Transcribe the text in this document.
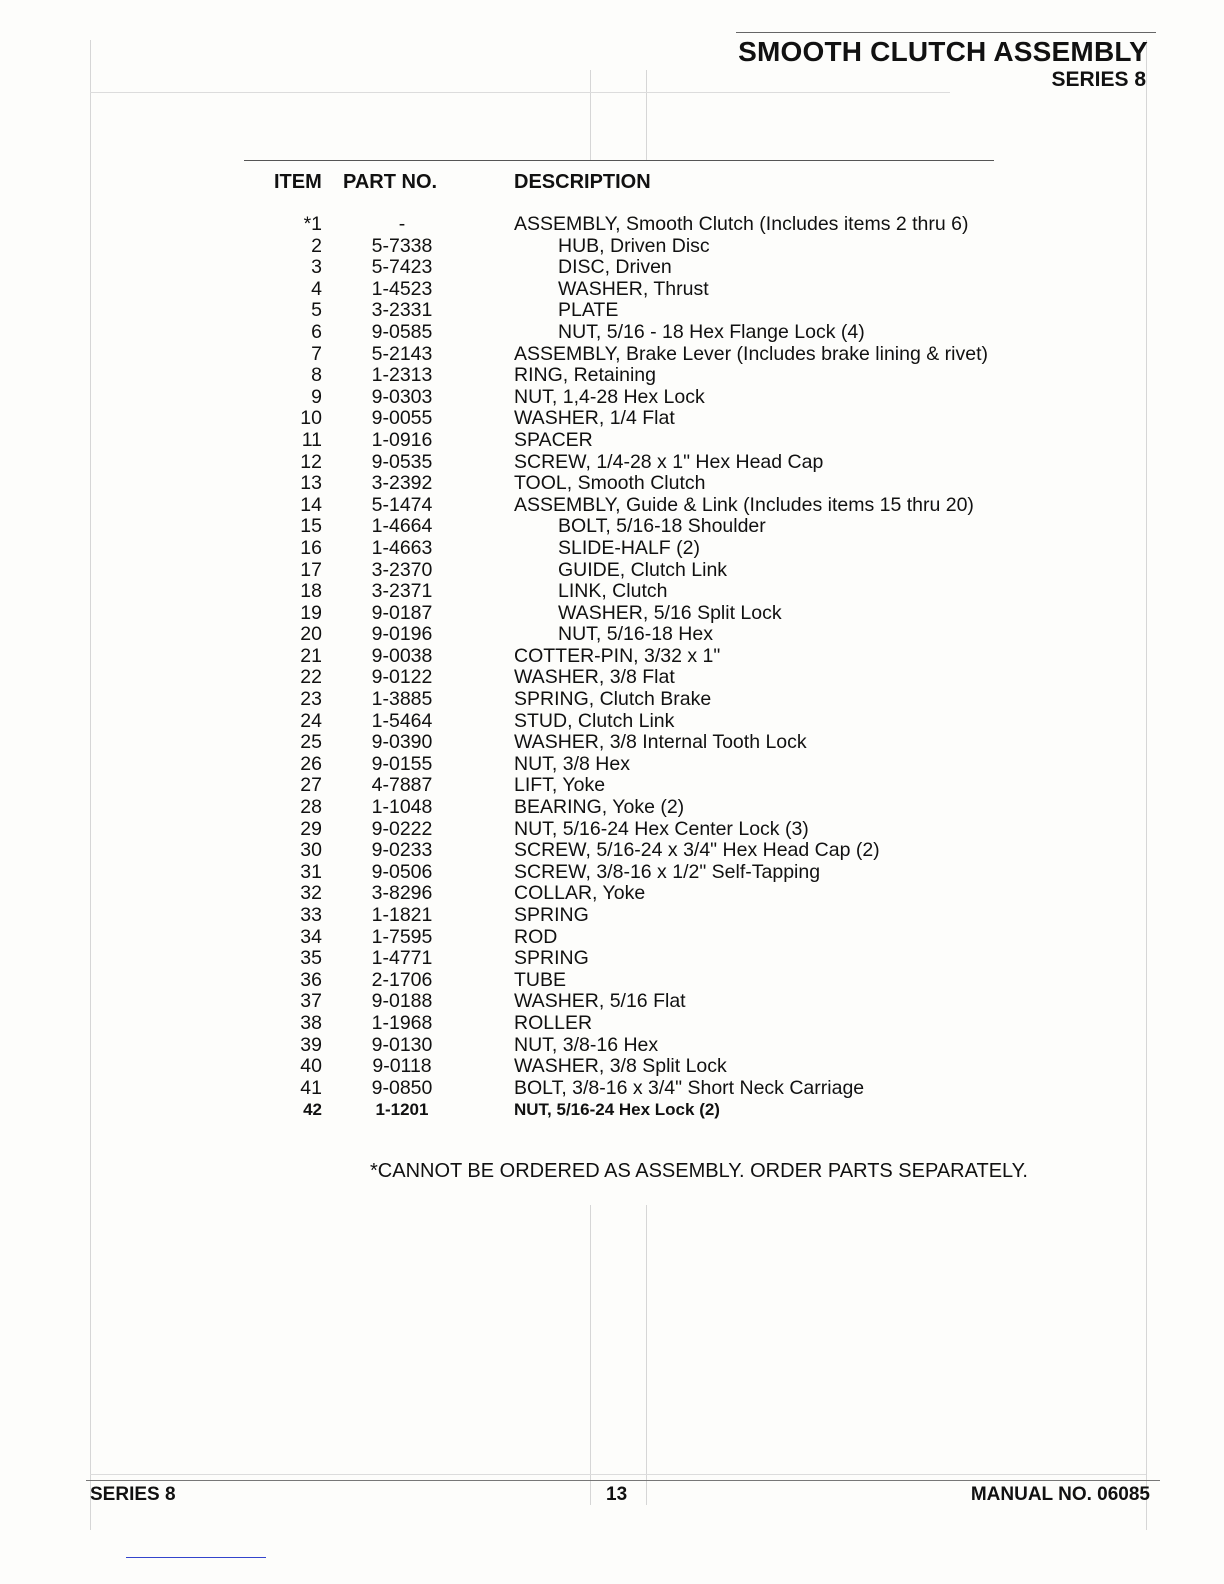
SMOOTH CLUTCH ASSEMBLY
SERIES 8
ITEM PART NO.	DESCRIPTION
*1	-	ASSEMBLY, Smooth Clutch (Includes items 2 thru 6)
2	5-7338	HUB, Driven Disc
3	5-7423	DISC, Driven
4	1-4523	WASHER, Thrust
5	3-2331	PLATE
6	9-0585	NUT, 5/16 - 18 Hex Flange Lock (4)
7	5-2143	ASSEMBLY, Brake Lever (Includes brake lining & rivet)
8	1-2313	RING, Retaining
9	9-0303	NUT, 1,4-28 Hex Lock
10	9-0055	WASHER, 1/4 Flat
11	1-0916	SPACER
12	9-0535	SCREW, 1/4-28 x 1" Hex Head Cap
13	3-2392	TOOL, Smooth Clutch
14	5-1474	ASSEMBLY, Guide & Link (Includes items 15 thru 20)
15	1-4664	BOLT, 5/16-18 Shoulder
16	1-4663	SLIDE-HALF (2)
17	3-2370	GUIDE, Clutch Link
18	3-2371	LINK, Clutch
19	9-0187	WASHER, 5/16 Split Lock
20	9-0196	NUT, 5/16-18 Hex
21	9-0038	COTTER-PIN, 3/32 x 1"
22	9-0122	WASHER, 3/8 Flat
23	1-3885	SPRING, Clutch Brake
24	1-5464	STUD, Clutch Link
25	9-0390	WASHER, 3/8 Internal Tooth Lock
26	9-0155	NUT, 3/8 Hex
27	4-7887	LIFT, Yoke
28	1-1048	BEARING, Yoke (2)
29	9-0222	NUT, 5/16-24 Hex Center Lock (3)
30	9-0233	SCREW, 5/16-24 x 3/4" Hex Head Cap (2)
31	9-0506	SCREW, 3/8-16 x 1/2" Self-Tapping
32	3-8296	COLLAR, Yoke
33	1-1821	SPRING
34	1-7595	ROD
35	1-4771	SPRING
36	2-1706	TUBE
37	9-0188	WASHER, 5/16 Flat
38	1-1968	ROLLER
39	9-0130	NUT, 3/8-16 Hex
40	9-0118	WASHER, 3/8 Split Lock
41	9-0850	BOLT, 3/8-16 x 3/4" Short Neck Carriage
42	1-1201	NUT, 5/16-24 Hex Lock (2)
*CANNOT BE ORDERED AS ASSEMBLY. ORDER PARTS SEPARATELY.
SERIES 8	13	MANUAL NO. 06085
